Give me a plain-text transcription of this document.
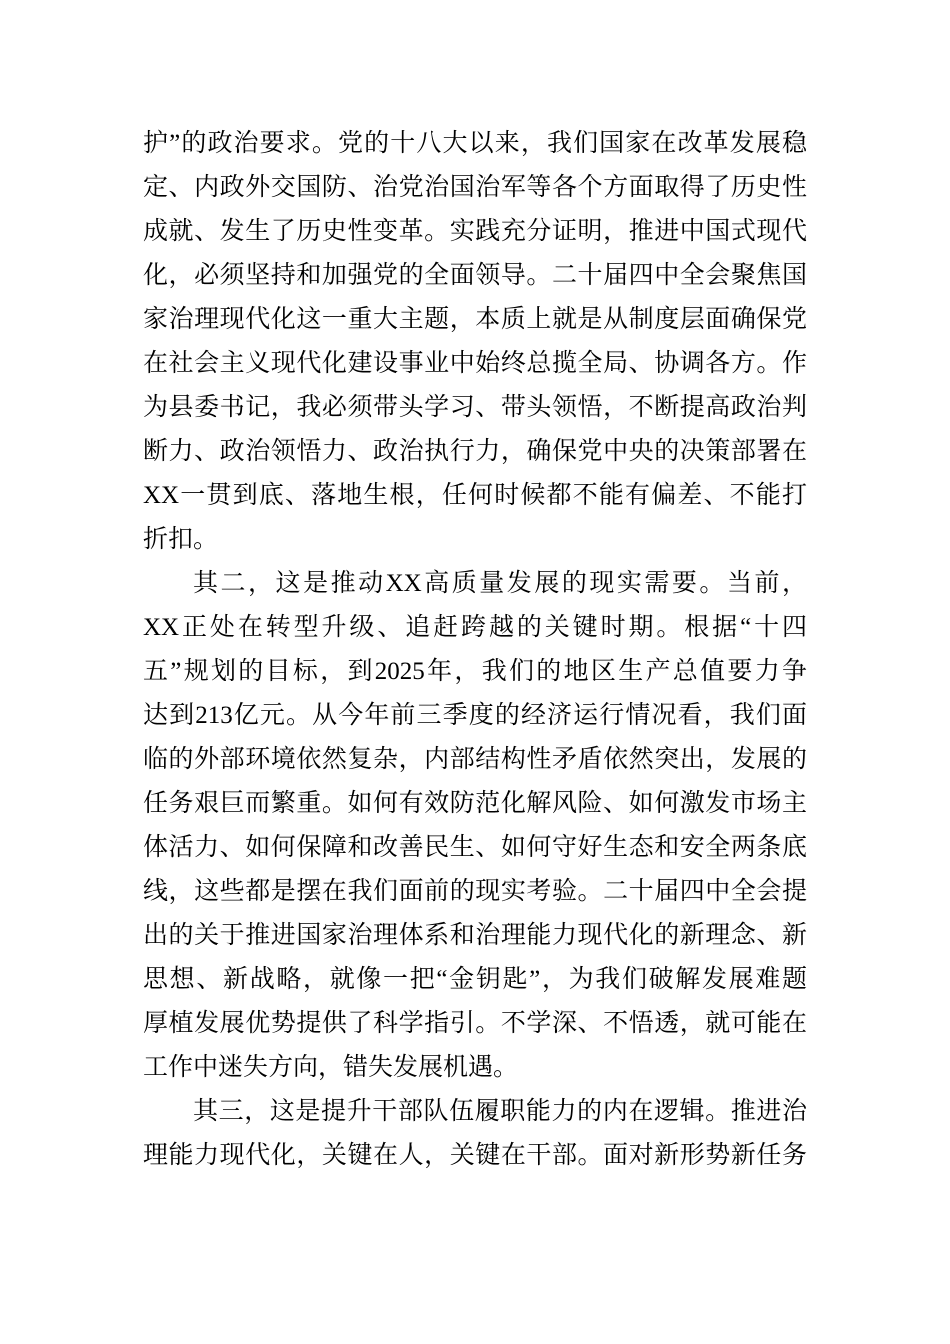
护”的政治要求。党的十八大以来，我们国家在改革发展稳
定、内政外交国防、治党治国治军等各个方面取得了历史性
成就、发生了历史性变革。实践充分证明，推进中国式现代
化，必须坚持和加强党的全面领导。二十届四中全会聚焦国
家治理现代化这一重大主题，本质上就是从制度层面确保党
在社会主义现代化建设事业中始终总揽全局、协调各方。作
为县委书记，我必须带头学习、带头领悟，不断提高政治判
断力、政治领悟力、政治执行力，确保党中央的决策部署在
XX一贯到底、落地生根，任何时候都不能有偏差、不能打
折扣。
其二，这是推动XX高质量发展的现实需要。当前，
XX正处在转型升级、追赶跨越的关键时期。根据“十四
五”规划的目标，到2025年，我们的地区生产总值要力争
达到213亿元。从今年前三季度的经济运行情况看，我们面
临的外部环境依然复杂，内部结构性矛盾依然突出，发展的
任务艰巨而繁重。如何有效防范化解风险、如何激发市场主
体活力、如何保障和改善民生、如何守好生态和安全两条底
线，这些都是摆在我们面前的现实考验。二十届四中全会提
出的关于推进国家治理体系和治理能力现代化的新理念、新
思想、新战略，就像一把“金钥匙”，为我们破解发展难题
厚植发展优势提供了科学指引。不学深、不悟透，就可能在
工作中迷失方向，错失发展机遇。
其三，这是提升干部队伍履职能力的内在逻辑。推进治
理能力现代化，关键在人，关键在干部。面对新形势新任务
